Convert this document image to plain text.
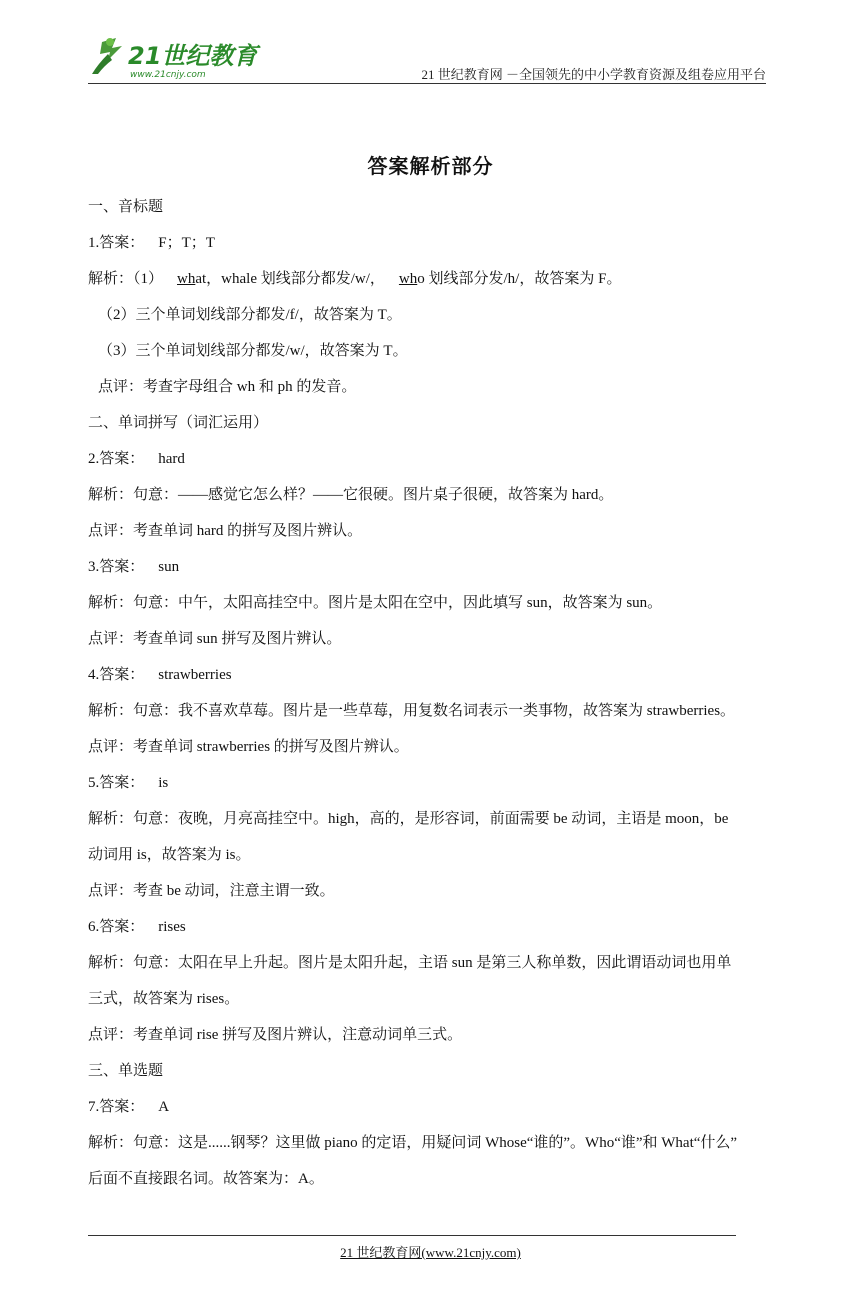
21世纪教育
www.21cnjy.com	21 世纪教育网 －全国领先的中小学教育资源及组卷应用平台
答案解析部分
一、音标题
1.答案： F；T；T
解析：（1） what，whale 划线部分都发/w/， who 划线部分发/h/，故答案为 F。
（2）三个单词划线部分都发/f/，故答案为 T。
（3）三个单词划线部分都发/w/，故答案为 T。
点评：考查字母组合 wh 和 ph 的发音。
二、单词拼写（词汇运用）
2.答案： hard
解析：句意：——感觉它怎么样？——它很硬。图片桌子很硬，故答案为 hard。
点评：考查单词 hard 的拼写及图片辨认。
3.答案： sun
解析：句意：中午，太阳高挂空中。图片是太阳在空中，因此填写 sun，故答案为 sun。
点评：考查单词 sun 拼写及图片辨认。
4.答案： strawberries
解析：句意：我不喜欢草莓。图片是一些草莓，用复数名词表示一类事物，故答案为 strawberries。
点评：考查单词 strawberries 的拼写及图片辨认。
5.答案： is
解析：句意：夜晚，月亮高挂空中。high，高的，是形容词，前面需要 be 动词，主语是 moon，be
动词用 is，故答案为 is。
点评：考查 be 动词，注意主谓一致。
6.答案： rises
解析：句意：太阳在早上升起。图片是太阳升起，主语 sun 是第三人称单数，因此谓语动词也用单
三式，故答案为 rises。
点评：考查单词 rise 拼写及图片辨认，注意动词单三式。
三、单选题
7.答案： A
解析：句意：这是......钢琴？这里做 piano 的定语，用疑问词 Whose“谁的”。Who“谁”和 What“什么”
后面不直接跟名词。故答案为：A。
21 世纪教育网(www.21cnjy.com)
